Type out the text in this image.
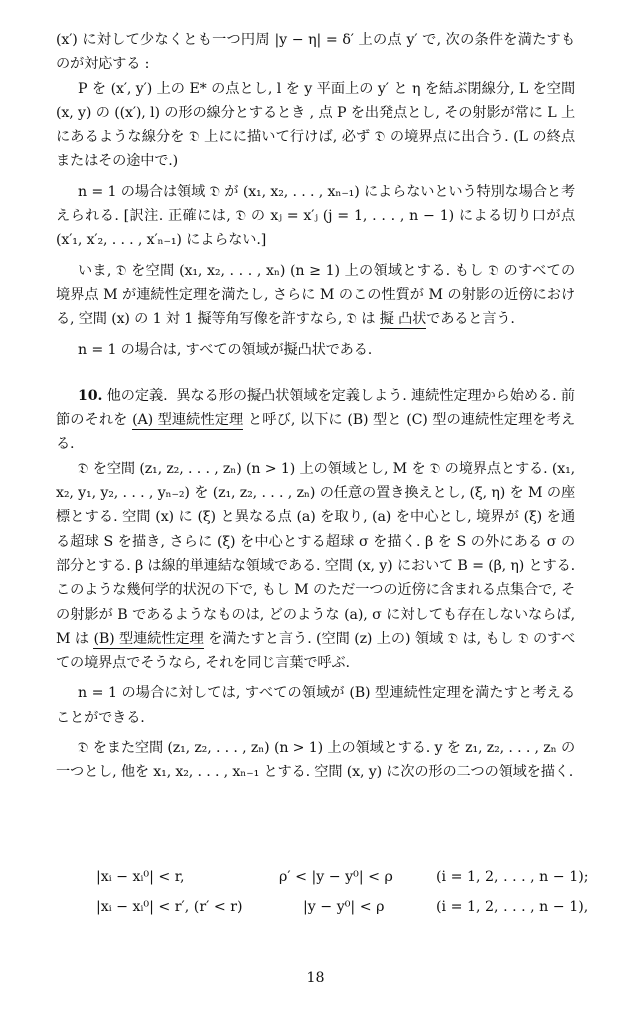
(x′) に対して少なくとも一つ円周 |y − η| = δ′ 上の点 y′ で, 次の条件を満たすものが対応する :

P を (x′, y′) 上の E* の点とし, l を y 平面上の y′ と η を結ぶ閉線分, L を空間 (x, y) の ((x′), l) の形の線分とするとき , 点 P を出発点とし, その射影が常に L 上にあるような線分を 𝔇 上にに描いて行けば, 必ず 𝔇 の境界点に出合う. (L の終点またはその途中で.)

n = 1 の場合は領域 𝔇 が (x₁, x₂, . . . , xₙ₋₁) によらないという特別な場合と考えられる. [訳注. 正確には, 𝔇 の xⱼ = x′ⱼ (j = 1, . . . , n − 1) による切り口が点 (x′₁, x′₂, . . . , x′ₙ₋₁) によらない.]

いま, 𝔇 を空間 (x₁, x₂, . . . , xₙ) (n ≥ 1) 上の領域とする. もし 𝔇 のすべての境界点 M が連続性定理を満たし, さらに M のこの性質が M の射影の近傍における, 空間 (x) の 1 対 1 擬等角写像を許すなら, 𝔇 は 擬 凸状であると言う.

n = 1 の場合は, すべての領域が擬凸状である.

10. 他の定義. 異なる形の擬凸状領域を定義しよう. 連続性定理から始める. 前節のそれを (A) 型連続性定理 と呼び, 以下に (B) 型と (C) 型の連続性定理を考える.

𝔇 を空間 (z₁, z₂, . . . , zₙ) (n > 1) 上の領域とし, M を 𝔇 の境界点とする. (x₁, x₂, y₁, y₂, . . . , yₙ₋₂) を (z₁, z₂, . . . , zₙ) の任意の置き換えとし, (ξ, η) を M の座標とする. 空間 (x) に (ξ) と異なる点 (a) を取り, (a) を中心とし, 境界が (ξ) を通る超球 S を描き, さらに (ξ) を中心とする超球 σ を描く. β を S の外にある σ の部分とする. β は線的単連結な領域である. 空間 (x, y) において B = (β, η) とする. このような幾何学的状況の下で, もし M のただ一つの近傍に含まれる点集合で, その射影が B であるようなものは, どのような (a), σ に対しても存在しないならば, M は (B) 型連続性定理 を満たすと言う. (空間 (z) 上の) 領域 𝔇 は, もし 𝔇 のすべての境界点でそうなら, それを同じ言葉で呼ぶ.

n = 1 の場合に対しては, すべての領域が (B) 型連続性定理を満たすと考えることができる.

𝔇 をまた空間 (z₁, z₂, . . . , zₙ) (n > 1) 上の領域とする. y を z₁, z₂, . . . , zₙ の一つとし, 他を x₁, x₂, . . . , xₙ₋₁ とする. 空間 (x, y) に次の形の二つの領域を描く.

|xᵢ − xᵢ⁰| < r,	ρ′ < |y − y⁰| < ρ	(i = 1, 2, . . . , n − 1);
|xᵢ − xᵢ⁰| < r′, (r′ < r)	|y − y⁰| < ρ	(i = 1, 2, . . . , n − 1),
18
